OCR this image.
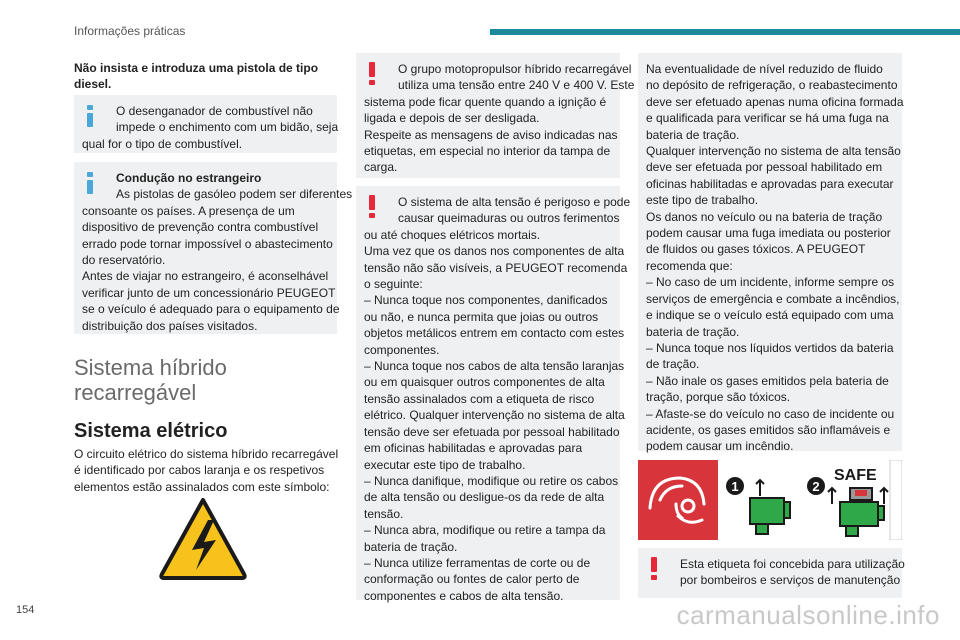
Informações práticas
Não insista e introduza uma pistola de tipo
diesel.
O desenganador de combustível não
impede o enchimento com um bidão, seja
qual for o tipo de combustível.
Condução no estrangeiro
As pistolas de gasóleo podem ser diferentes
consoante os países. A presença de um
dispositivo de prevenção contra combustível
errado pode tornar impossível o abastecimento
do reservatório.
Antes de viajar no estrangeiro, é aconselhável
verificar junto de um concessionário PEUGEOT
se o veículo é adequado para o equipamento de
distribuição dos países visitados.
Sistema híbrido
recarregável
Sistema elétrico
O circuito elétrico do sistema híbrido recarregável
é identificado por cabos laranja e os respetivos
elementos estão assinalados com este símbolo:
O grupo motopropulsor híbrido recarregável
utiliza uma tensão entre 240 V e 400 V. Este
sistema pode ficar quente quando a ignição é
ligada e depois de ser desligada.
Respeite as mensagens de aviso indicadas nas
etiquetas, em especial no interior da tampa de
carga.
O sistema de alta tensão é perigoso e pode
causar queimaduras ou outros ferimentos
ou até choques elétricos mortais.
Uma vez que os danos nos componentes de alta
tensão não são visíveis, a PEUGEOT recomenda
o seguinte:
– Nunca toque nos componentes, danificados
ou não, e nunca permita que joias ou outros
objetos metálicos entrem em contacto com estes
componentes.
– Nunca toque nos cabos de alta tensão laranjas
ou em quaisquer outros componentes de alta
tensão assinalados com a etiqueta de risco
elétrico. Qualquer intervenção no sistema de alta
tensão deve ser efetuada por pessoal habilitado
em oficinas habilitadas e aprovadas para
executar este tipo de trabalho.
– Nunca danifique, modifique ou retire os cabos
de alta tensão ou desligue-os da rede de alta
tensão.
– Nunca abra, modifique ou retire a tampa da
bateria de tração.
– Nunca utilize ferramentas de corte ou de
conformação ou fontes de calor perto de
componentes e cabos de alta tensão.
Na eventualidade de nível reduzido de fluido
no depósito de refrigeração, o reabastecimento
deve ser efetuado apenas numa oficina formada
e qualificada para verificar se há uma fuga na
bateria de tração.
Qualquer intervenção no sistema de alta tensão
deve ser efetuada por pessoal habilitado em
oficinas habilitadas e aprovadas para executar
este tipo de trabalho.
Os danos no veículo ou na bateria de tração
podem causar uma fuga imediata ou posterior
de fluidos ou gases tóxicos. A PEUGEOT
recomenda que:
– No caso de um incidente, informe sempre os
serviços de emergência e combate a incêndios,
e indique se o veículo está equipado com uma
bateria de tração.
– Nunca toque nos líquidos vertidos da bateria
de tração.
– Não inale os gases emitidos pela bateria de
tração, porque são tóxicos.
– Afaste-se do veículo no caso de incidente ou
acidente, os gases emitidos são inflamáveis e
podem causar um incêndio.
1	2
SAFE
Esta etiqueta foi concebida para utilização
por bombeiros e serviços de manutenção
154	carmanualsonline.info
